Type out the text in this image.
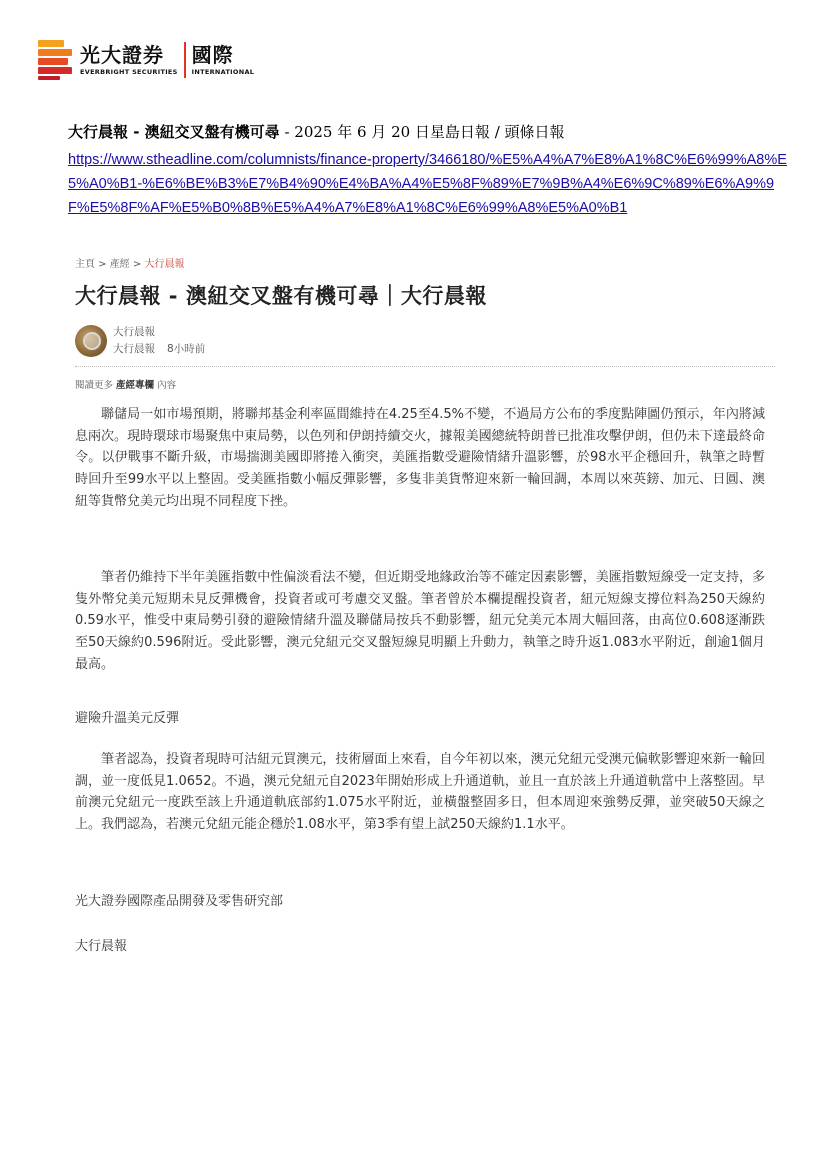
光大證券
EVERBRIGHT SECURITIES
國際
INTERNATIONAL
大行晨報 - 澳紐交叉盤有機可尋 - 2025 年 6 月 20 日星島日報 / 頭條日報
https://www.stheadline.com/columnists/finance-property/3466180/%E5%A4%A7%E8%A1%8C%E6%99%A8%E5%A0%B1-%E6%BE%B3%E7%B4%90%E4%BA%A4%E5%8F%89%E7%9B%A4%E6%9C%89%E6%A9%9F%E5%8F%AF%E5%B0%8B%E5%A4%A7%E8%A1%8C%E6%99%A8%E5%A0%B1
主頁 > 產經 > 大行晨報
大行晨報 - 澳紐交叉盤有機可尋｜大行晨報
大行晨報
大行晨報 8小時前
閱讀更多 產經專欄 內容

聯儲局一如市場預期，將聯邦基金利率區間維持在4.25至4.5%不變，不過局方公布的季度點陣圖仍預示，年內將減息兩次。現時環球市場聚焦中東局勢，以色列和伊朗持續交火，據報美國總統特朗普已批准攻擊伊朗，但仍未下達最終命令。以伊戰事不斷升級，市場揣測美國即將捲入衝突，美匯指數受避險情緒升溫影響，於98水平企穩回升，執筆之時暫時回升至99水平以上整固。受美匯指數小幅反彈影響，多隻非美貨幣迎來新一輪回調，本周以來英鎊、加元、日圓、澳紐等貨幣兌美元均出現不同程度下挫。

筆者仍維持下半年美匯指數中性偏淡看法不變，但近期受地緣政治等不確定因素影響，美匯指數短線受一定支持，多隻外幣兌美元短期未見反彈機會，投資者或可考慮交叉盤。筆者曾於本欄提醒投資者，紐元短線支撐位料為250天線約0.59水平，惟受中東局勢引發的避險情緒升溫及聯儲局按兵不動影響，紐元兌美元本周大幅回落，由高位0.608逐漸跌至50天線約0.596附近。受此影響，澳元兌紐元交叉盤短線見明顯上升動力，執筆之時升返1.083水平附近，創逾1個月最高。

避險升溫美元反彈

筆者認為，投資者現時可沽紐元買澳元，技術層面上來看，自今年初以來，澳元兌紐元受澳元偏軟影響迎來新一輪回調，並一度低見1.0652。不過，澳元兌紐元自2023年開始形成上升通道軌，並且一直於該上升通道軌當中上落整固。早前澳元兌紐元一度跌至該上升通道軌底部約1.075水平附近，並橫盤整固多日，但本周迎來強勢反彈，並突破50天線之上。我們認為，若澳元兌紐元能企穩於1.08水平，第3季有望上試250天線約1.1水平。

光大證券國際產品開發及零售研究部
大行晨報
